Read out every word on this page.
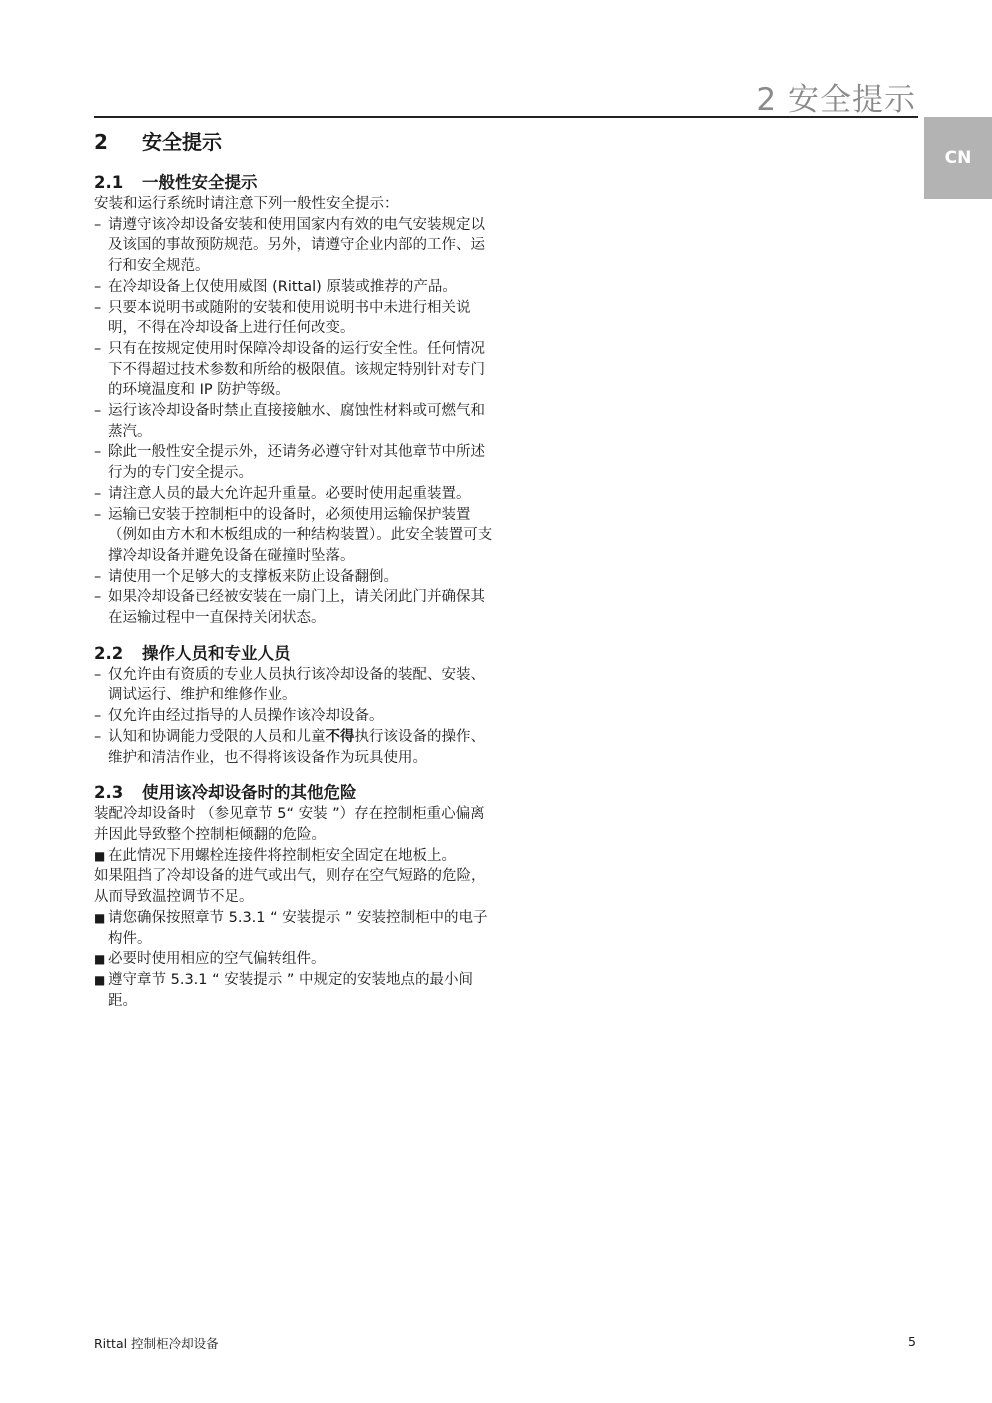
2 安全提示
CN
2 安全提示
2.1 一般性安全提示

安装和运行系统时请注意下列一般性安全提示：

– 请遵守该冷却设备安装和使用国家内有效的电气安装规定以及该国的事故预防规范。另外，请遵守企业内部的工作、运行和安全规范。
– 在冷却设备上仅使用威图 (Rittal) 原装或推荐的产品。
– 只要本说明书或随附的安装和使用说明书中未进行相关说明，不得在冷却设备上进行任何改变。
– 只有在按规定使用时保障冷却设备的运行安全性。任何情况下不得超过技术参数和所给的极限值。该规定特别针对专门的环境温度和 IP 防护等级。
– 运行该冷却设备时禁止直接接触水、腐蚀性材料或可燃气和蒸汽。
– 除此一般性安全提示外，还请务必遵守针对其他章节中所述行为的专门安全提示。
– 请注意人员的最大允许起升重量。必要时使用起重装置。
– 运输已安装于控制柜中的设备时，必须使用运输保护装置（例如由方木和木板组成的一种结构装置）。此安全装置可支撑冷却设备并避免设备在碰撞时坠落。
– 请使用一个足够大的支撑板来防止设备翻倒。
– 如果冷却设备已经被安装在一扇门上，请关闭此门并确保其在运输过程中一直保持关闭状态。
2.2 操作人员和专业人员
– 仅允许由有资质的专业人员执行该冷却设备的装配、安装、调试运行、维护和维修作业。
– 仅允许由经过指导的人员操作该冷却设备。
– 认知和协调能力受限的人员和儿童不得执行该设备的操作、维护和清洁作业，也不得将该设备作为玩具使用。
2.3 使用该冷却设备时的其他危险

装配冷却设备时 （参见章节 5“ 安装 ”）存在控制柜重心偏离并因此导致整个控制柜倾翻的危险。

■ 在此情况下用螺栓连接件将控制柜安全固定在地板上。

如果阻挡了冷却设备的进气或出气，则存在空气短路的危险，从而导致温控调节不足。

■ 请您确保按照章节 5.3.1 “ 安装提示 ” 安装控制柜中的电子构件。
■ 必要时使用相应的空气偏转组件。
■ 遵守章节 5.3.1 “ 安装提示 ” 中规定的安装地点的最小间距。
Rittal 控制柜冷却设备	5
